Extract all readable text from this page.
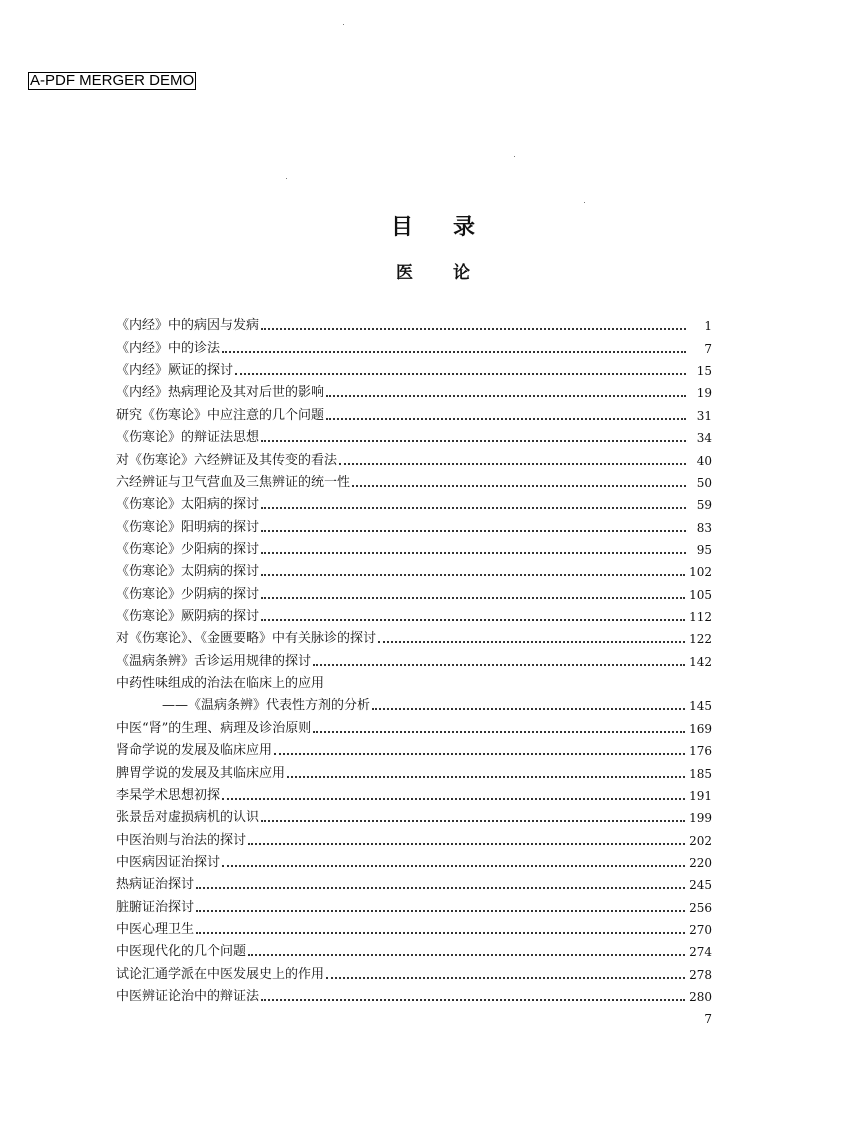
A-PDF MERGER DEMO
目录
医论
《内经》中的病因与发病	1
《内经》中的诊法	7
《内经》厥证的探讨	15
《内经》热病理论及其对后世的影响	19
研究《伤寒论》中应注意的几个问题	31
《伤寒论》的辩证法思想	34
对《伤寒论》六经辨证及其传变的看法	40
六经辨证与卫气营血及三焦辨证的统一性	50
《伤寒论》太阳病的探讨	59
《伤寒论》阳明病的探讨	83
《伤寒论》少阳病的探讨	95
《伤寒论》太阴病的探讨	102
《伤寒论》少阴病的探讨	105
《伤寒论》厥阴病的探讨	112
对《伤寒论》、《金匮要略》中有关脉诊的探讨	122
《温病条辨》舌诊运用规律的探讨	142
中药性味组成的治法在临床上的应用
——《温病条辨》代表性方剂的分析	145
中医“肾”的生理、病理及诊治原则	169
肾命学说的发展及临床应用	176
脾胃学说的发展及其临床应用	185
李杲学术思想初探	191
张景岳对虚损病机的认识	199
中医治则与治法的探讨	202
中医病因证治探讨	220
热病证治探讨	245
脏腑证治探讨	256
中医心理卫生	270
中医现代化的几个问题	274
试论汇通学派在中医发展史上的作用	278
中医辨证论治中的辩证法	280
7
